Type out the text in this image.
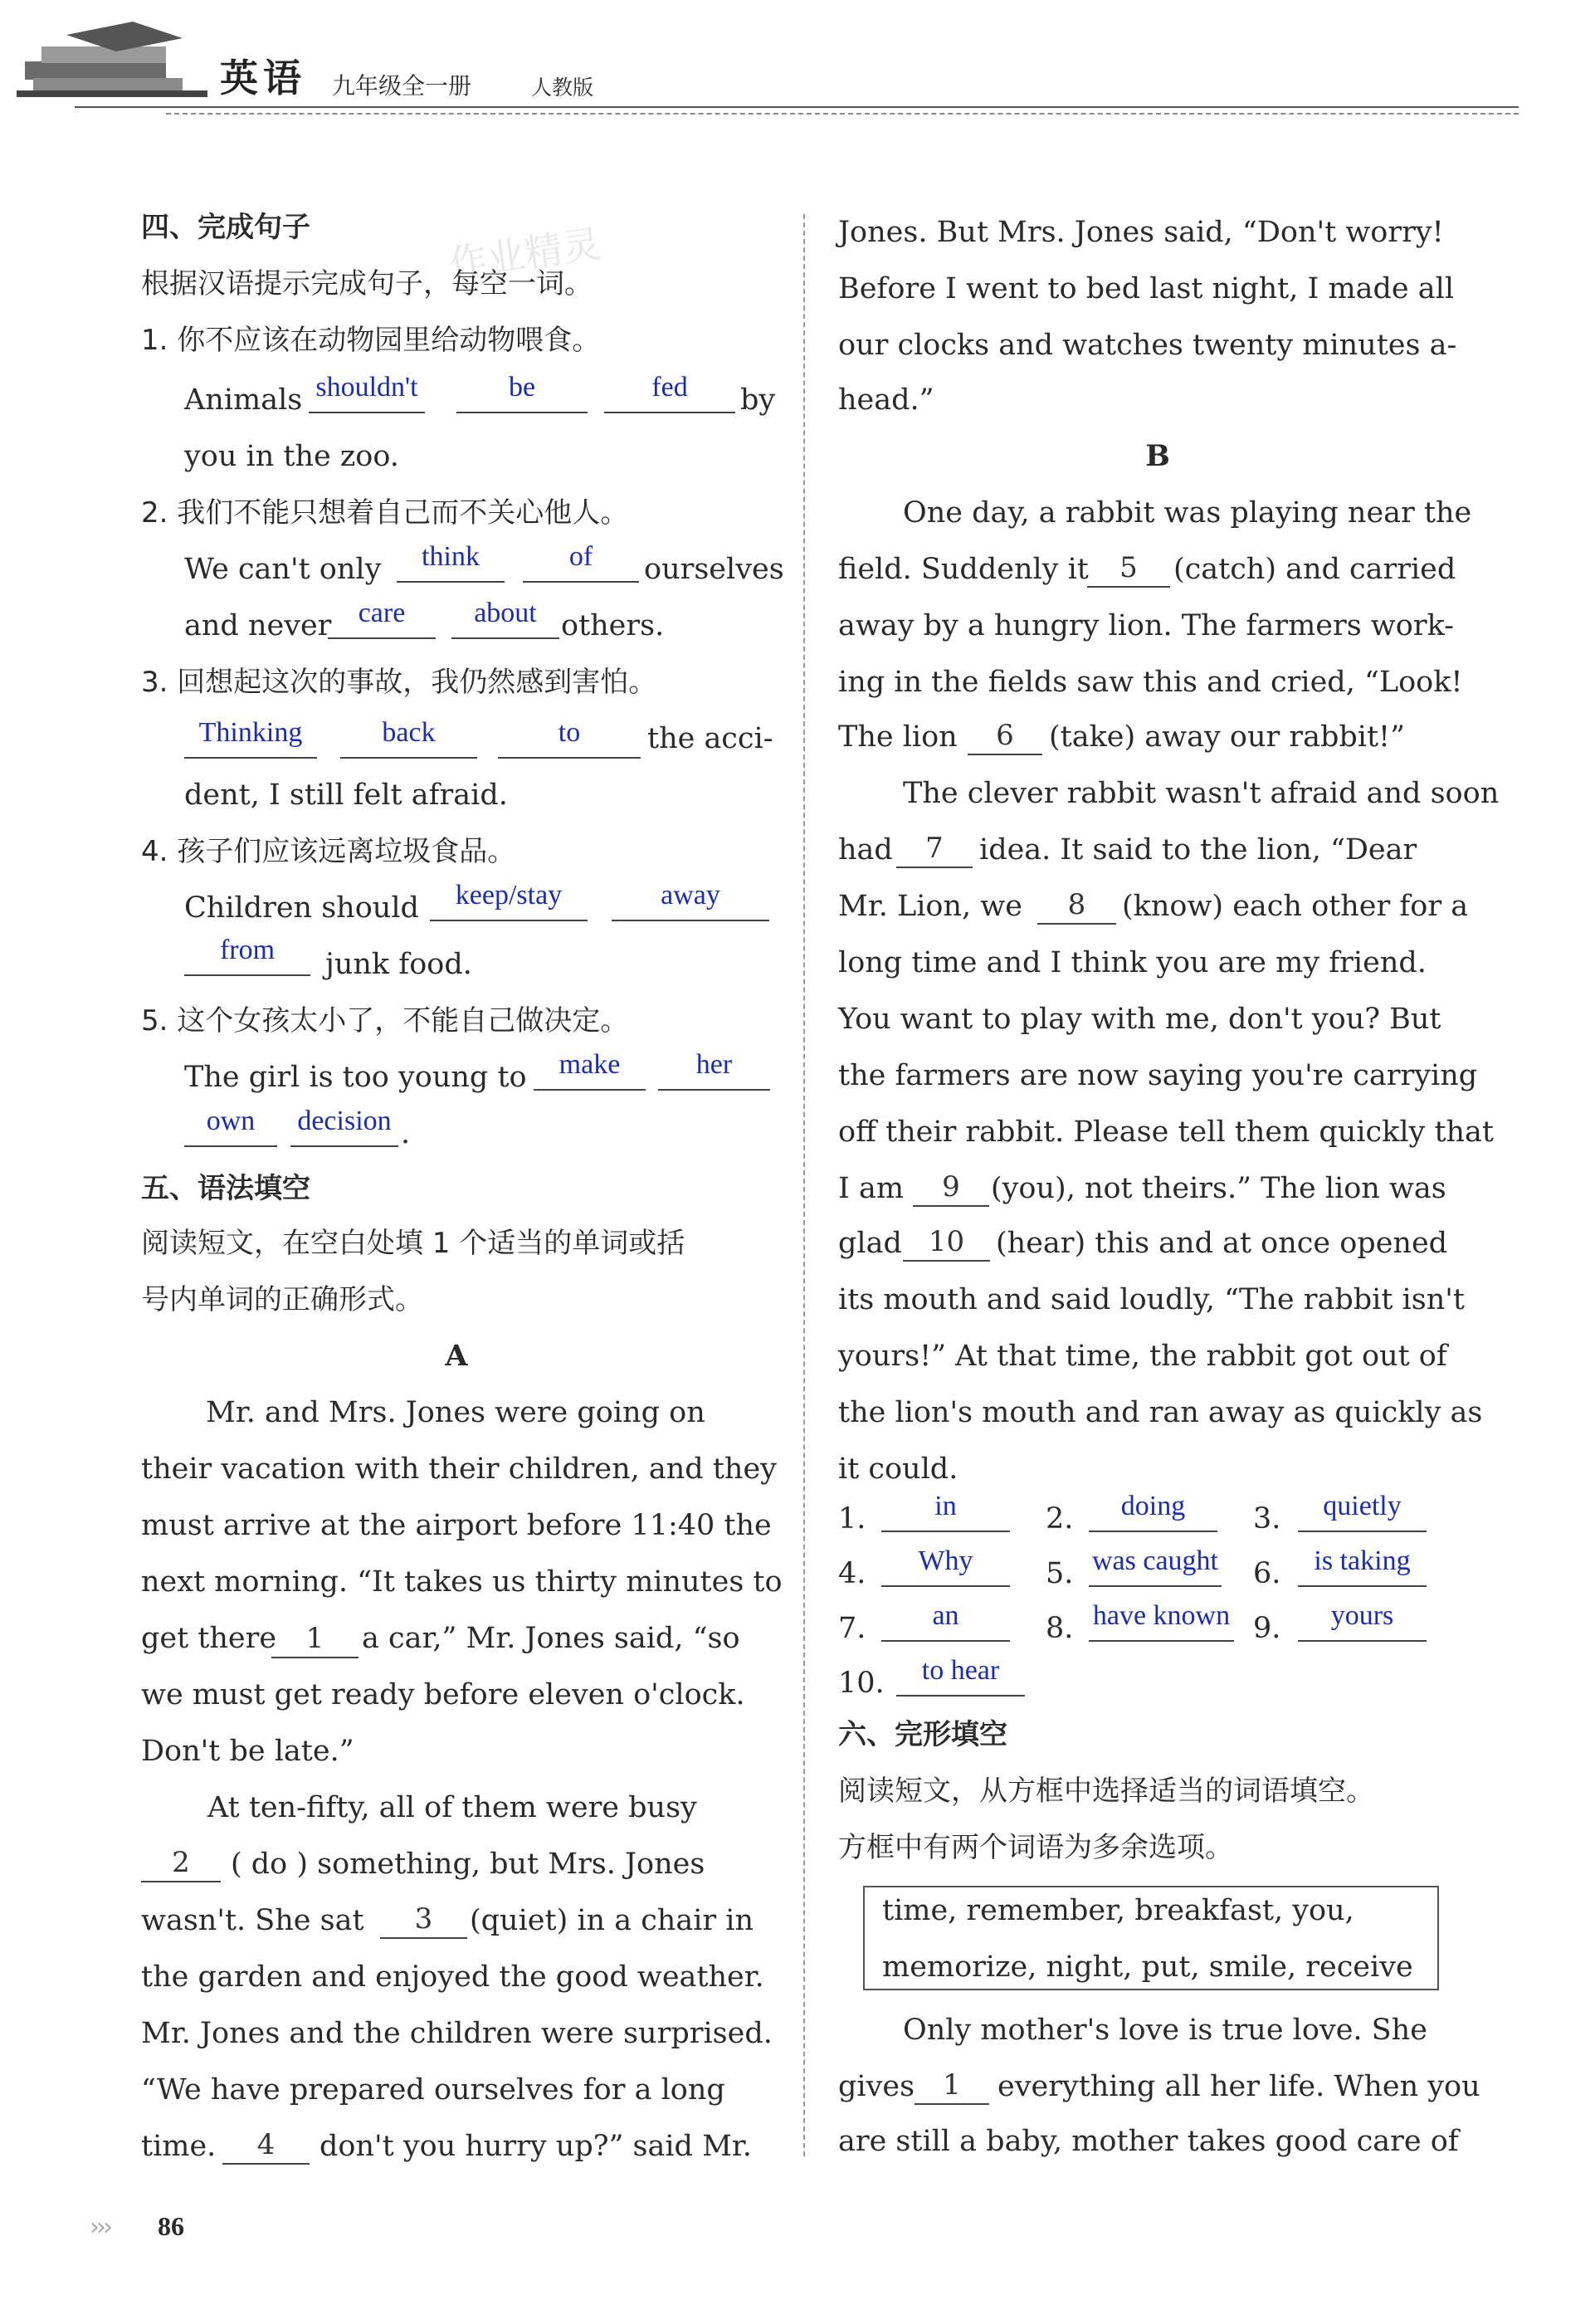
英语 九年级全一册	人教版
作业精灵
四、完成句子
根据汉语提示完成句子，每空一词。
1. 你不应该在动物园里给动物喂食。
Animals shouldn't	be	fed	by
you in the zoo.
2. 我们不能只想着自己而不关心他人。
We can't only	think	of	ourselves
and never care	about others.
3. 回想起这次的事故，我仍然感到害怕。
Thinking	back	to	the acci-
dent, I still felt afraid.
4. 孩子们应该远离垃圾食品。
Children should	keep/stay	away
from	junk food.
5. 这个女孩太小了，不能自己做决定。
The girl is too young to	make	her
own	decision .
五、语法填空
阅读短文，在空白处填 1 个适当的单词或括
号内单词的正确形式。
A
Mr. and Mrs. Jones were going on
their vacation with their children, and they
must arrive at the airport before 11:40 the
next morning. “It takes us thirty minutes to
get there	1	a car,” Mr. Jones said, “so
we must get ready before eleven o'clock.
Don't be late.”
At ten-fifty, all of them were busy
2	( do ) something, but Mrs. Jones
wasn't. She sat	3	(quiet) in a chair in
the garden and enjoyed the good weather.
Mr. Jones and the children were surprised.
“We have prepared ourselves for a long
time.	4	don't you hurry up?” said Mr.
Jones. But Mrs. Jones said, “Don't worry!
Before I went to bed last night, I made all
our clocks and watches twenty minutes a-
head.”
B
One day, a rabbit was playing near the
field. Suddenly it	5	(catch) and carried
away by a hungry lion. The farmers work-
ing in the fields saw this and cried, “Look!
The lion	6	(take) away our rabbit!”
The clever rabbit wasn't afraid and soon
had	7	idea. It said to the lion, “Dear
Mr. Lion, we	8	(know) each other for a
long time and I think you are my friend.
You want to play with me, don't you? But
the farmers are now saying you're carrying
off their rabbit. Please tell them quickly that
I am	9	(you), not theirs.” The lion was
glad 10	(hear) this and at once opened
its mouth and said loudly, “The rabbit isn't
yours!” At that time, the rabbit got out of
the lion's mouth and ran away as quickly as
it could.
1.	in	2.	doing	3.	quietly
4.	Why	5. was caught 6.	is taking
7.	an	8. have known 9.	yours
10.	to hear
六、完形填空
阅读短文，从方框中选择适当的词语填空。
方框中有两个词语为多余选项。
time, remember, breakfast, you,
memorize, night, put, smile, receive
Only mother's love is true love. She
gives	1	everything all her life. When you
are still a baby, mother takes good care of
››› 86
